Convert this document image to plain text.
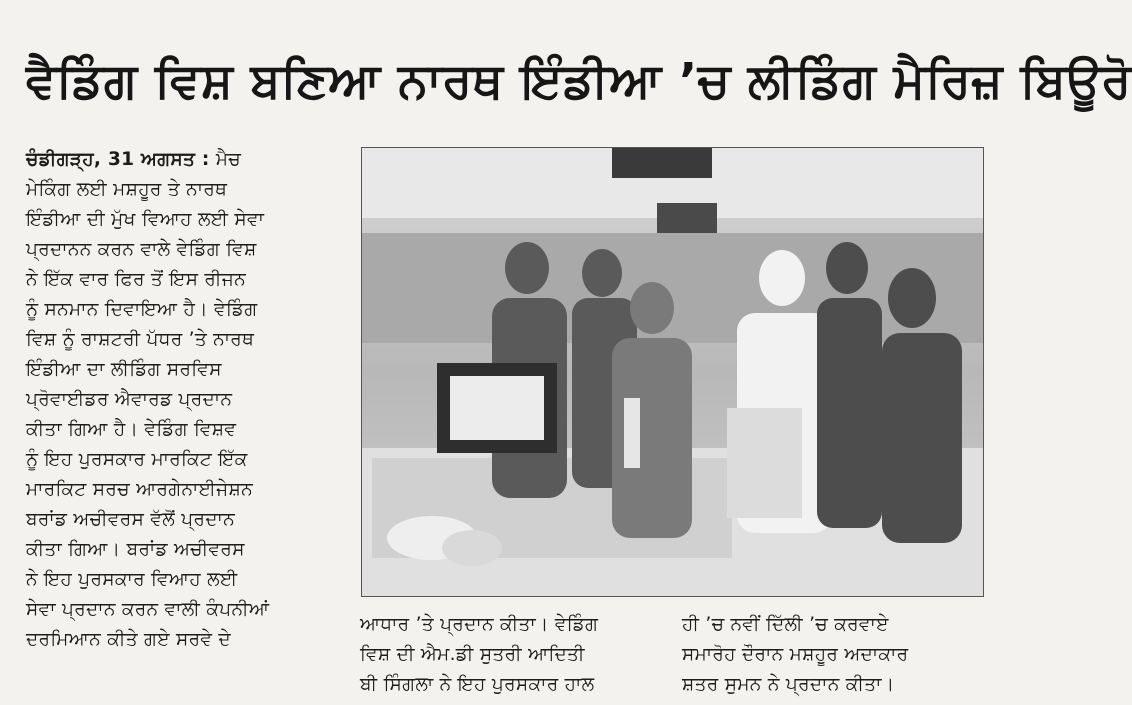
ਵੈਡਿੰਗ ਵਿਸ਼ ਬਣਿਆ ਨਾਰਥ ਇੰਡੀਆ ’ਚ ਲੀਡਿੰਗ ਮੈਰਿਜ਼ ਬਿਊਰੋ
ਚੰਡੀਗੜ੍ਹ, 31 ਅਗਸਤ : ਮੈਚ
ਮੇਕਿੰਗ ਲਈ ਮਸ਼ਹੂਰ ਤੇ ਨਾਰਥ
ਇੰਡੀਆ ਦੀ ਮੁੱਖ ਵਿਆਹ ਲਈ ਸੇਵਾ
ਪ੍ਰਦਾਨਨ ਕਰਨ ਵਾਲੇ ਵੇਡਿੰਗ ਵਿਸ਼
ਨੇ ਇੱਕ ਵਾਰ ਫਿਰ ਤੋਂ ਇਸ ਰੀਜਨ
ਨੂੰ ਸਨਮਾਨ ਦਿਵਾਇਆ ਹੈ। ਵੇਡਿੰਗ
ਵਿਸ਼ ਨੂੰ ਰਾਸ਼ਟਰੀ ਪੱਧਰ ’ਤੇ ਨਾਰਥ
ਇੰਡੀਆ ਦਾ ਲੀਡਿੰਗ ਸਰਵਿਸ
ਪ੍ਰੋਵਾਈਡਰ ਐਵਾਰਡ ਪ੍ਰਦਾਨ
ਕੀਤਾ ਗਿਆ ਹੈ। ਵੇਡਿੰਗ ਵਿਸ਼ਵ
ਨੂੰ ਇਹ ਪੁਰਸਕਾਰ ਮਾਰਕਿਟ ਇੱਕ
ਮਾਰਕਿਟ ਸਰਚ ਆਰਗੇਨਾਈਜੇਸ਼ਨ
ਬਰਾਂਡ ਅਚੀਵਰਸ ਵੱਲੋਂ ਪ੍ਰਦਾਨ
ਕੀਤਾ ਗਿਆ। ਬਰਾਂਡ ਅਚੀਵਰਸ
ਨੇ ਇਹ ਪੁਰਸਕਾਰ ਵਿਆਹ ਲਈ
ਸੇਵਾ ਪ੍ਰਦਾਨ ਕਰਨ ਵਾਲੀ ਕੰਪਨੀਆਂ
ਦਰਮਿਆਨ ਕੀਤੇ ਗਏ ਸਰਵੇ ਦੇ
ਆਧਾਰ ’ਤੇ ਪ੍ਰਦਾਨ ਕੀਤਾ। ਵੇਡਿੰਗ
ਵਿਸ਼ ਦੀ ਐਮ.ਡੀ ਸੁਤਰੀ ਆਦਿਤੀ
ਬੀ ਸਿੰਗਲਾ ਨੇ ਇਹ ਪੁਰਸਕਾਰ ਹਾਲ
ਹੀ ’ਚ ਨਵੀਂ ਦਿੱਲੀ ’ਚ ਕਰਵਾਏ
ਸਮਾਰੋਹ ਦੌਰਾਨ ਮਸ਼ਹੂਰ ਅਦਾਕਾਰ
ਸ਼ਤਰ ਸੁਮਨ ਨੇ ਪ੍ਰਦਾਨ ਕੀਤਾ।
